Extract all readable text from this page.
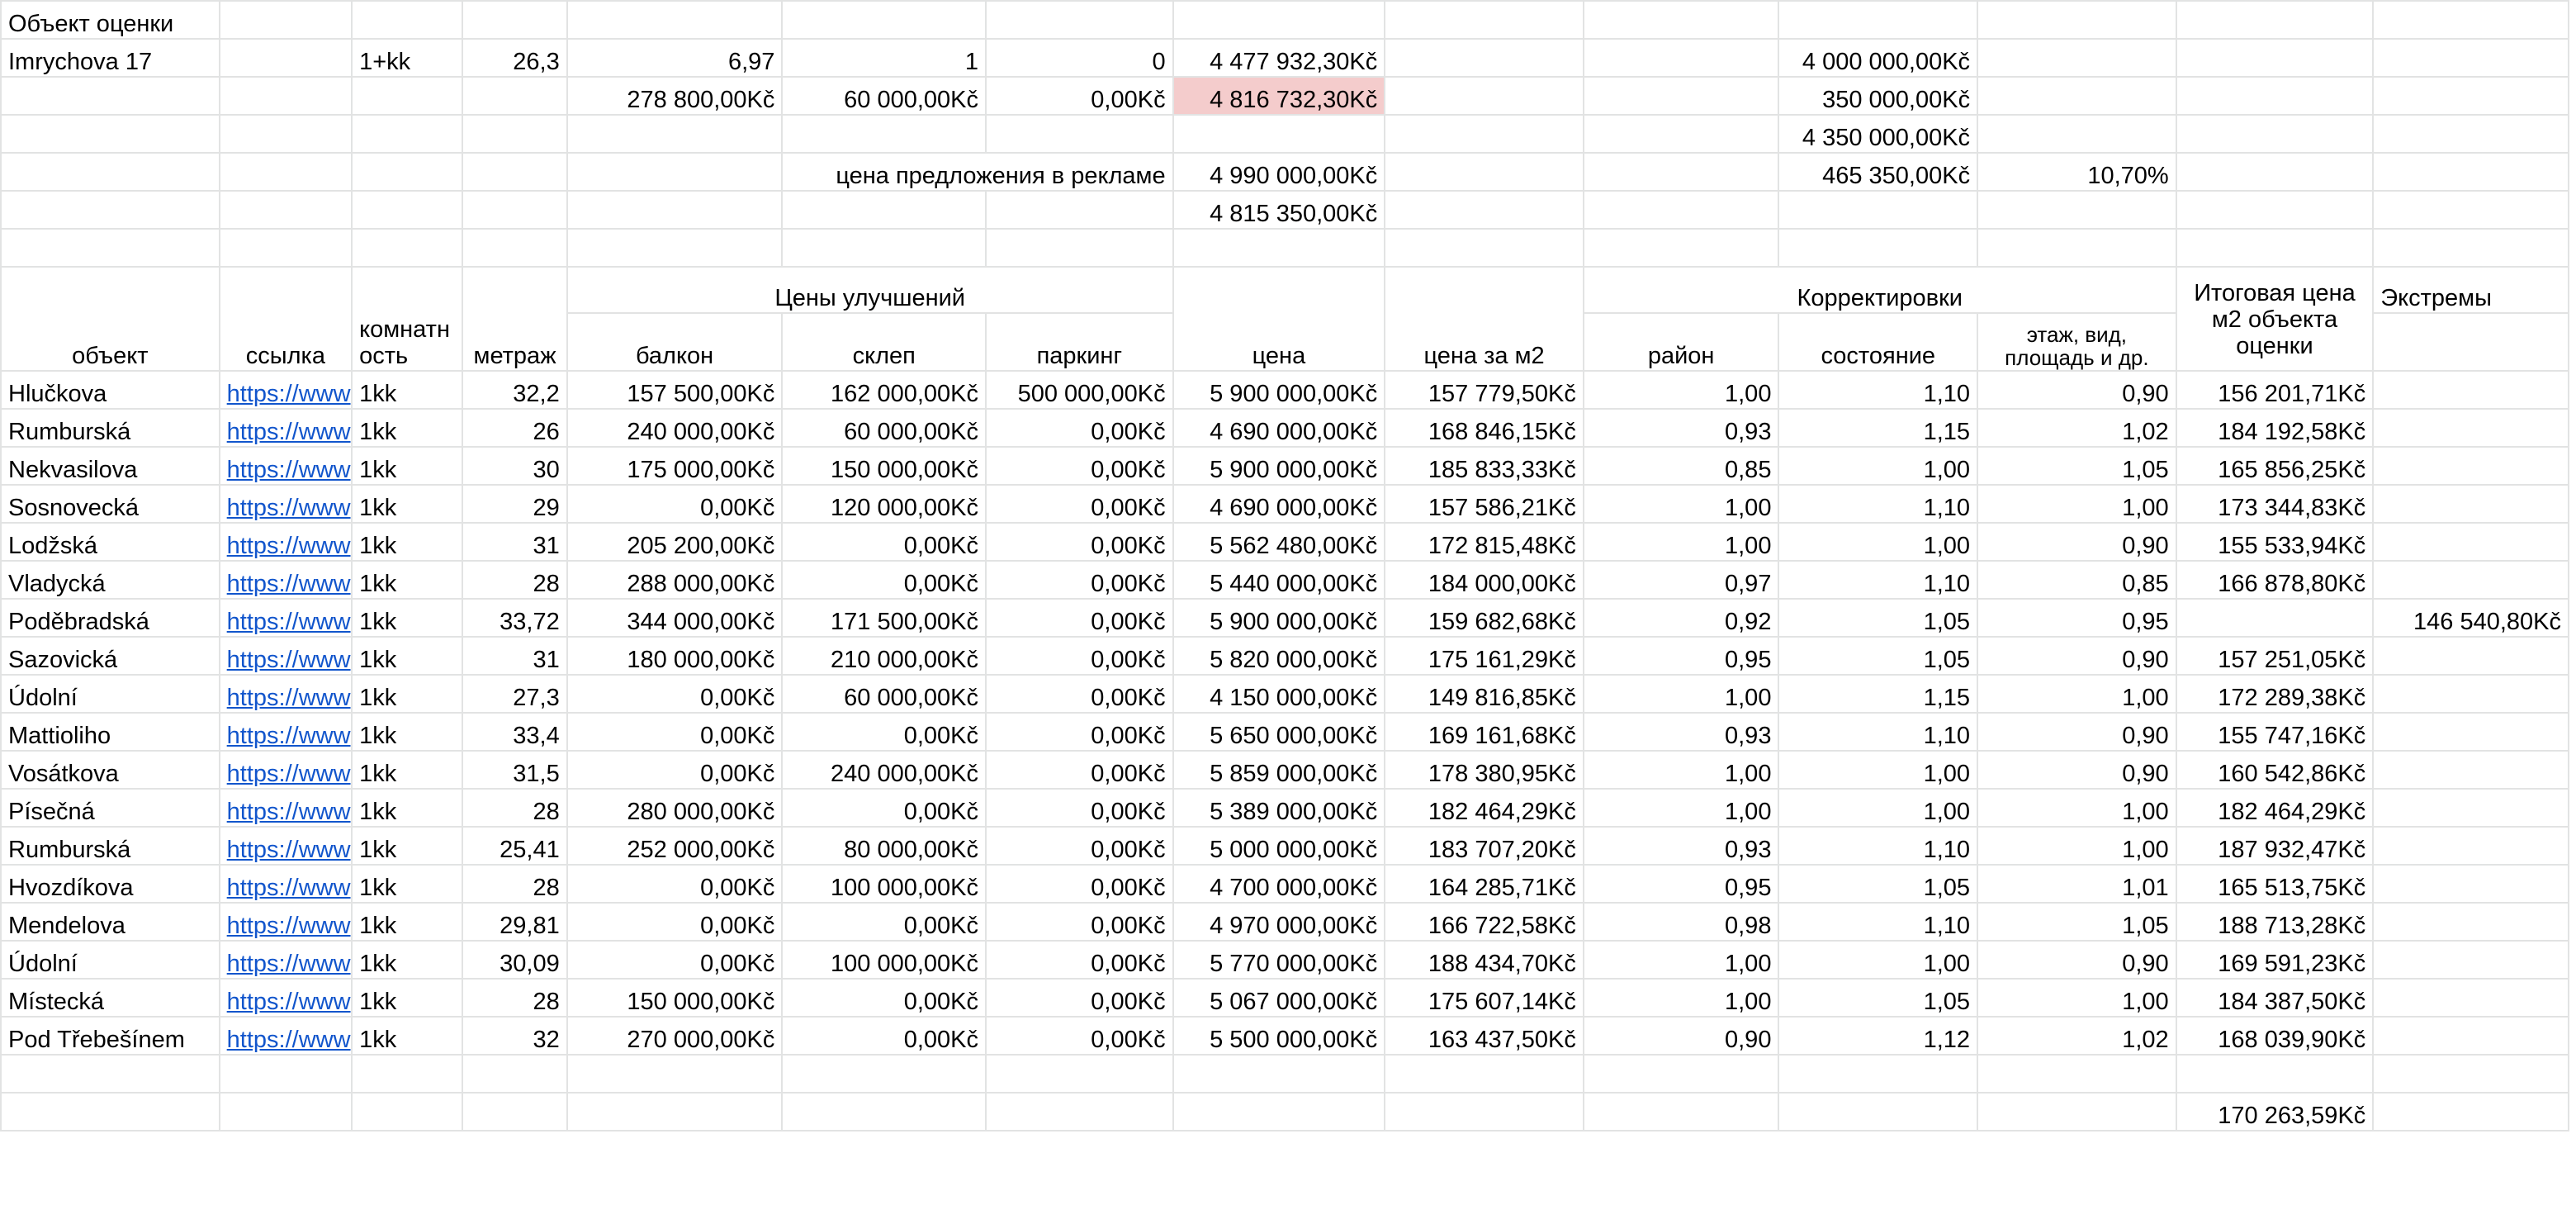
Объект оценки													
Imrychova 17		1+kk	26,3	6,97	1	0	4 477 932,30Kč			4 000 000,00Kč			
				278 800,00Kč	60 000,00Kč	0,00Kč	4 816 732,30Kč			350 000,00Kč			
										4 350 000,00Kč			
					цена предложения в рекламе		4 990 000,00Kč			465 350,00Kč	10,70%		
							4 815 350,00Kč						

объект	ссылка	комнатность	метраж	Цены улучшений			цена	цена за м2	Корректировки			Итоговая цена м2 объекта оценки	Экстремы
				балкон	склеп	паркинг			район	состояние	этаж, вид, площадь и др.		
Hlučkova	https://www	1kk	32,2	157 500,00Kč	162 000,00Kč	500 000,00Kč	5 900 000,00Kč	157 779,50Kč	1,00	1,10	0,90	156 201,71Kč	
Rumburská	https://www	1kk	26	240 000,00Kč	60 000,00Kč	0,00Kč	4 690 000,00Kč	168 846,15Kč	0,93	1,15	1,02	184 192,58Kč	
Nekvasilova	https://www	1kk	30	175 000,00Kč	150 000,00Kč	0,00Kč	5 900 000,00Kč	185 833,33Kč	0,85	1,00	1,05	165 856,25Kč	
Sosnovecká	https://www	1kk	29	0,00Kč	120 000,00Kč	0,00Kč	4 690 000,00Kč	157 586,21Kč	1,00	1,10	1,00	173 344,83Kč	
Lodžská	https://www	1kk	31	205 200,00Kč	0,00Kč	0,00Kč	5 562 480,00Kč	172 815,48Kč	1,00	1,00	0,90	155 533,94Kč	
Vladycká	https://www	1kk	28	288 000,00Kč	0,00Kč	0,00Kč	5 440 000,00Kč	184 000,00Kč	0,97	1,10	0,85	166 878,80Kč	
Poděbradská	https://www	1kk	33,72	344 000,00Kč	171 500,00Kč	0,00Kč	5 900 000,00Kč	159 682,68Kč	0,92	1,05	0,95		146 540,80Kč
Sazovická	https://www	1kk	31	180 000,00Kč	210 000,00Kč	0,00Kč	5 820 000,00Kč	175 161,29Kč	0,95	1,05	0,90	157 251,05Kč	
Údolní	https://www	1kk	27,3	0,00Kč	60 000,00Kč	0,00Kč	4 150 000,00Kč	149 816,85Kč	1,00	1,15	1,00	172 289,38Kč	
Mattioliho	https://www	1kk	33,4	0,00Kč	0,00Kč	0,00Kč	5 650 000,00Kč	169 161,68Kč	0,93	1,10	0,90	155 747,16Kč	
Vosátkova	https://www	1kk	31,5	0,00Kč	240 000,00Kč	0,00Kč	5 859 000,00Kč	178 380,95Kč	1,00	1,00	0,90	160 542,86Kč	
Písečná	https://www	1kk	28	280 000,00Kč	0,00Kč	0,00Kč	5 389 000,00Kč	182 464,29Kč	1,00	1,00	1,00	182 464,29Kč	
Rumburská	https://www	1kk	25,41	252 000,00Kč	80 000,00Kč	0,00Kč	5 000 000,00Kč	183 707,20Kč	0,93	1,10	1,00	187 932,47Kč	
Hvozdíkova	https://www	1kk	28	0,00Kč	100 000,00Kč	0,00Kč	4 700 000,00Kč	164 285,71Kč	0,95	1,05	1,01	165 513,75Kč	
Mendelova	https://www	1kk	29,81	0,00Kč	0,00Kč	0,00Kč	4 970 000,00Kč	166 722,58Kč	0,98	1,10	1,05	188 713,28Kč	
Údolní	https://www	1kk	30,09	0,00Kč	100 000,00Kč	0,00Kč	5 770 000,00Kč	188 434,70Kč	1,00	1,00	0,90	169 591,23Kč	
Místecká	https://www	1kk	28	150 000,00Kč	0,00Kč	0,00Kč	5 067 000,00Kč	175 607,14Kč	1,00	1,05	1,00	184 387,50Kč	
Pod Třebešínem	https://www	1kk	32	270 000,00Kč	0,00Kč	0,00Kč	5 500 000,00Kč	163 437,50Kč	0,90	1,12	1,02	168 039,90Kč	

												170 263,59Kč	
